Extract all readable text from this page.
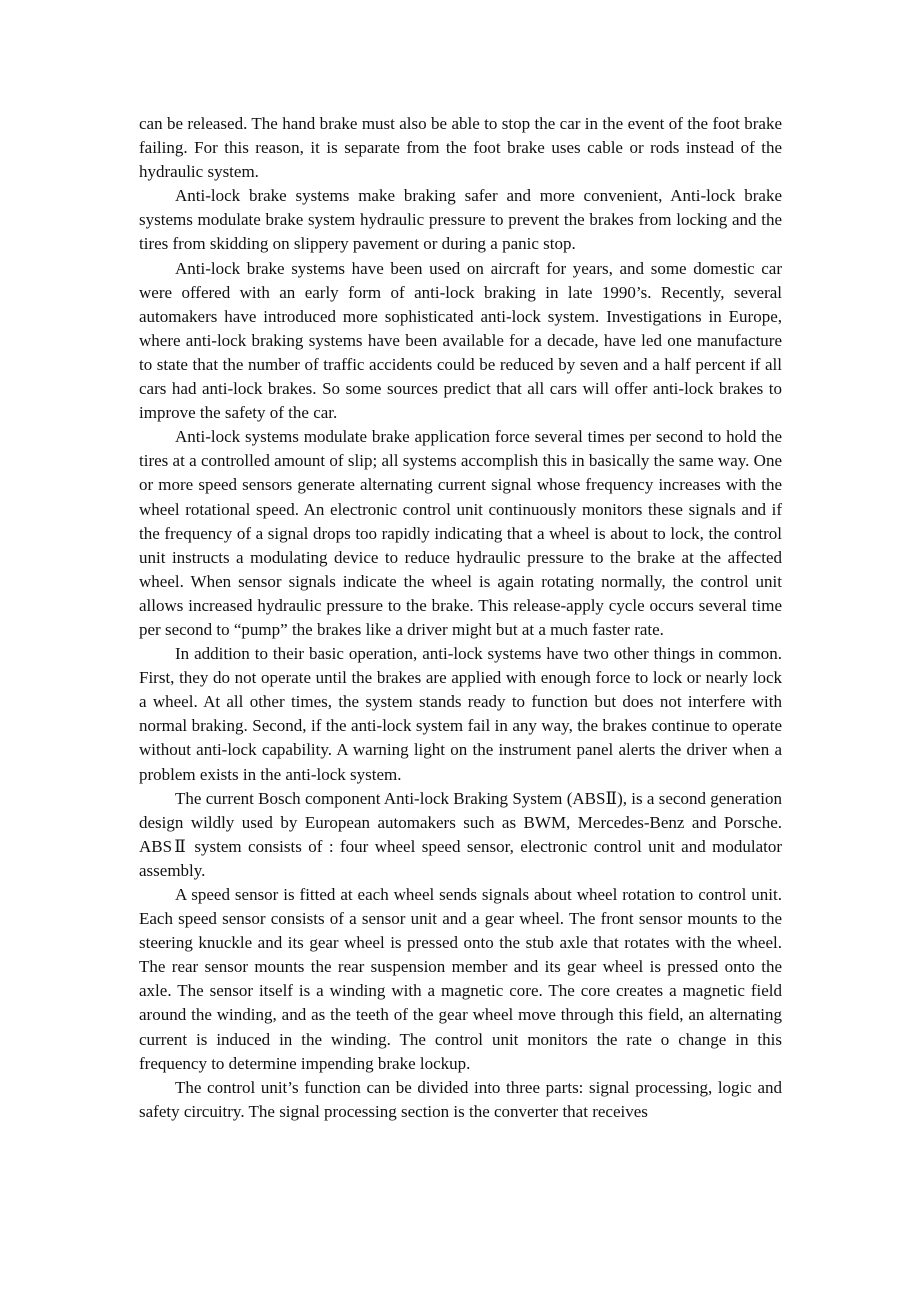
can be released. The hand brake must also be able to stop the car in the event of the foot brake failing. For this reason, it is separate from the foot brake uses cable or rods instead of the hydraulic system.

Anti-lock brake systems make braking safer and more convenient, Anti-lock brake systems modulate brake system hydraulic pressure to prevent the brakes from locking and the tires from skidding on slippery pavement or during a panic stop.

Anti-lock brake systems have been used on aircraft for years, and some domestic car were offered with an early form of anti-lock braking in late 1990’s. Recently, several automakers have introduced more sophisticated anti-lock system. Investigations in Europe, where anti-lock braking systems have been available for a decade, have led one manufacture to state that the number of traffic accidents could be reduced by seven and a half percent if all cars had anti-lock brakes. So some sources predict that all cars will offer anti-lock brakes to improve the safety of the car.

Anti-lock systems modulate brake application force several times per second to hold the tires at a controlled amount of slip; all systems accomplish this in basically the same way. One or more speed sensors generate alternating current signal whose frequency increases with the wheel rotational speed. An electronic control unit continuously monitors these signals and if the frequency of a signal drops too rapidly indicating that a wheel is about to lock, the control unit instructs a modulating device to reduce hydraulic pressure to the brake at the affected wheel. When sensor signals indicate the wheel is again rotating normally, the control unit allows increased hydraulic pressure to the brake. This release-apply cycle occurs several time per second to “pump” the brakes like a driver might but at a much faster rate.

In addition to their basic operation, anti-lock systems have two other things in common. First, they do not operate until the brakes are applied with enough force to lock or nearly lock a wheel. At all other times, the system stands ready to function but does not interfere with normal braking. Second, if the anti-lock system fail in any way, the brakes continue to operate without anti-lock capability. A warning light on the instrument panel alerts the driver when a problem exists in the anti-lock system.

The current Bosch component Anti-lock Braking System (ABSⅡ), is a second generation design wildly used by European automakers such as BWM, Mercedes-Benz and Porsche. ABSⅡ system consists of : four wheel speed sensor, electronic control unit and modulator assembly.

A speed sensor is fitted at each wheel sends signals about wheel rotation to control unit. Each speed sensor consists of a sensor unit and a gear wheel. The front sensor mounts to the steering knuckle and its gear wheel is pressed onto the stub axle that rotates with the wheel. The rear sensor mounts the rear suspension member and its gear wheel is pressed onto the axle. The sensor itself is a winding with a magnetic core. The core creates a magnetic field around the winding, and as the teeth of the gear wheel move through this field, an alternating current is induced in the winding. The control unit monitors the rate o change in this frequency to determine impending brake lockup.

The control unit’s function can be divided into three parts: signal processing, logic and safety circuitry. The signal processing section is the converter that receives
